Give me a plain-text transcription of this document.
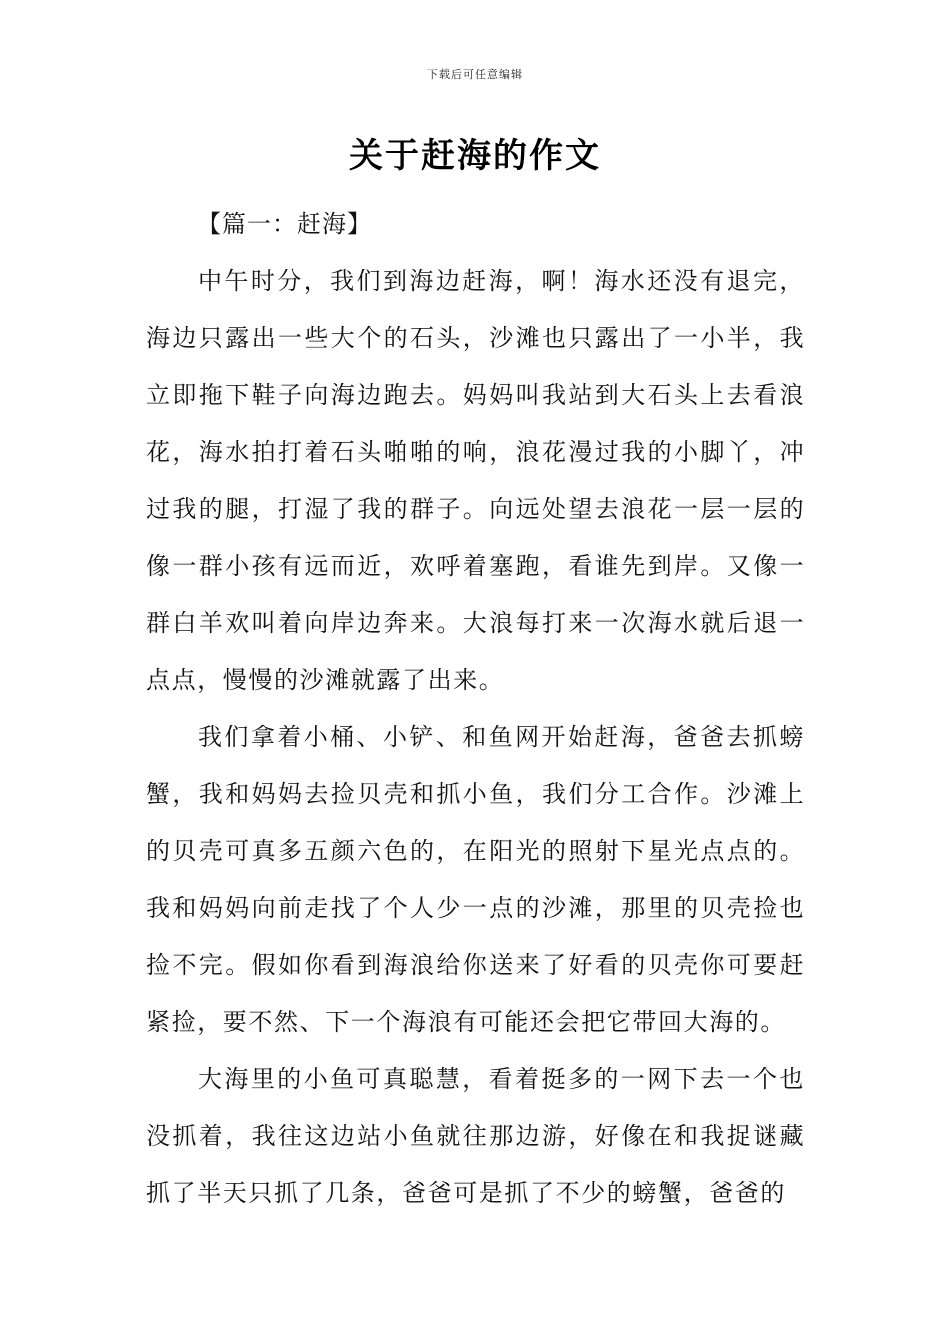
下载后可任意编辑
关于赶海的作文
【篇一：赶海】
中午时分，我们到海边赶海，啊！海水还没有退完，
海边只露出一些大个的石头，沙滩也只露出了一小半，我
立即拖下鞋子向海边跑去。妈妈叫我站到大石头上去看浪
花，海水拍打着石头啪啪的响，浪花漫过我的小脚丫，冲
过我的腿，打湿了我的群子。向远处望去浪花一层一层的
像一群小孩有远而近，欢呼着塞跑，看谁先到岸。又像一
群白羊欢叫着向岸边奔来。大浪每打来一次海水就后退一
点点，慢慢的沙滩就露了出来。
我们拿着小桶、小铲、和鱼网开始赶海，爸爸去抓螃
蟹，我和妈妈去捡贝壳和抓小鱼，我们分工合作。沙滩上
的贝壳可真多五颜六色的，在阳光的照射下星光点点的。
我和妈妈向前走找了个人少一点的沙滩，那里的贝壳捡也
捡不完。假如你看到海浪给你送来了好看的贝壳你可要赶
紧捡，要不然、下一个海浪有可能还会把它带回大海的。
大海里的小鱼可真聪慧，看着挺多的一网下去一个也
没抓着，我往这边站小鱼就往那边游，好像在和我捉谜藏
抓了半天只抓了几条，爸爸可是抓了不少的螃蟹，爸爸的
